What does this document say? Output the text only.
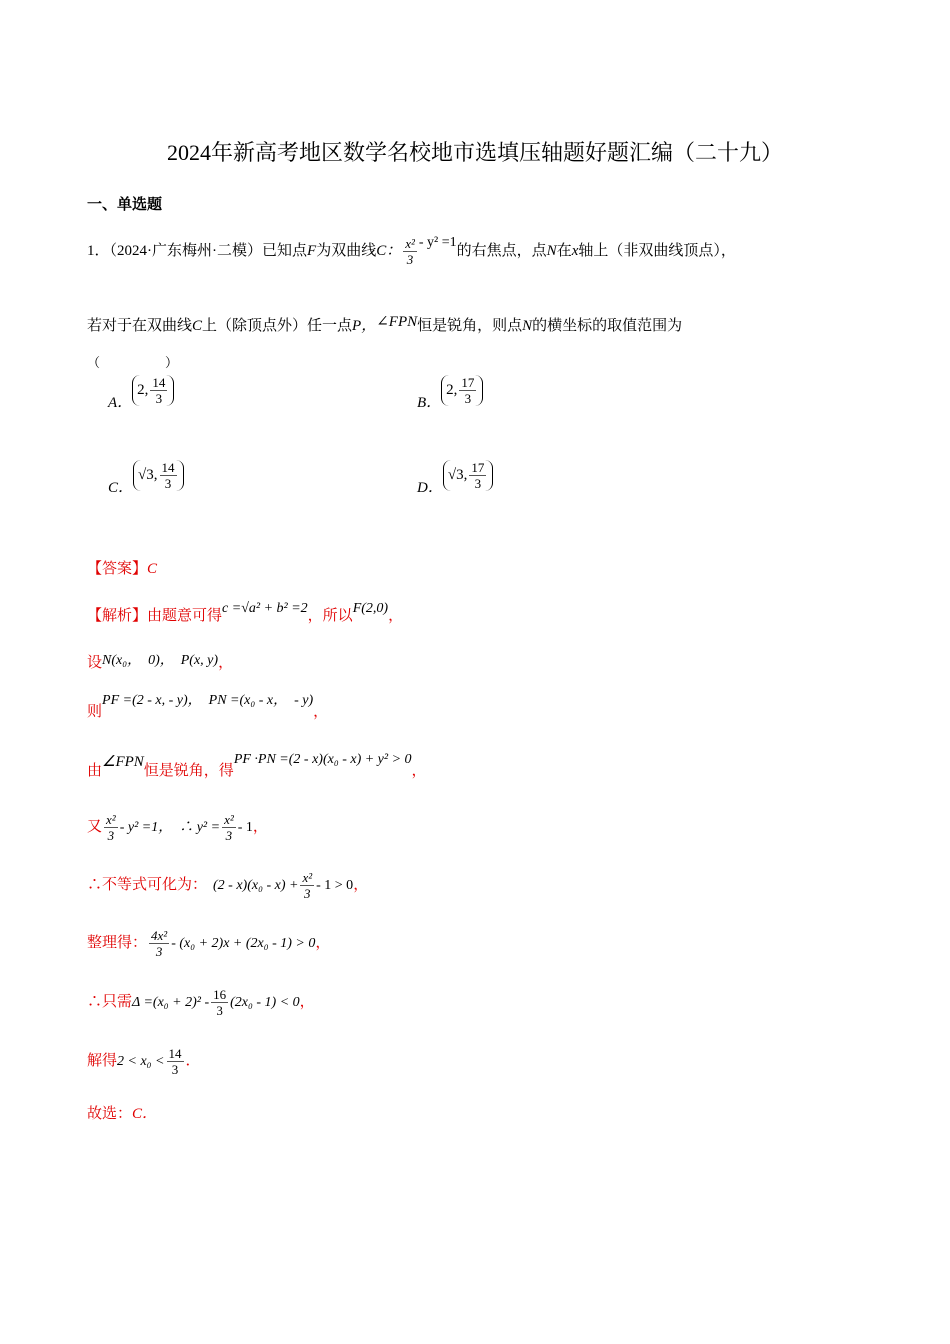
2024年新高考地区数学名校地市选填压轴题好题汇编（二十九）
一、单选题
1．（2024·广东梅州·二模）已知点F为双曲线C： $\frac{\text{x²}}{3} - y^2 =1$的右焦点，点N在x轴上（非双曲线顶点），
若对于在双曲线C上（除顶点外）任一点P，∠FPN恒是锐角，则点N的横坐标的取值范围为
（　　　　　）
A．2, $\frac{14}{3}$	B．2, $\frac{17}{3}$
C．√3, $\frac{14}{3}$	D．√3, $\frac{17}{3}$
【答案】C
【解析】由题意可得c =√a² + b² =2，所以F(2,0)，
设N(x₀，　0)，　P(x, y)，
则PF =(2 - x, - y)，　PN =(x₀ - x，　- y)，
由∠FPN恒是锐角，得PF ·PN =(2 - x)(x₀ - x) + y² > 0，
又 $\frac{\text{x²}}{3} - y^2 =1$，　∴ $y^2 = \frac{\text{x²}}{3} - 1$，
∴不等式可化为： $(2 - x)(x_0 - x) + \frac{\text{x²}}{3} - 1 > 0$，
整理得： $\frac{\text{4x²}}{3} - (x_0 + 2)x + (2x_0 - 1) > 0$，
∴只需$\Delta =(x_0 + 2)^2 - \frac{16}{3} (2x_0 - 1) < 0$，
解得$2 < x_0 < \frac{14}{3}$ ．
故选：C．
